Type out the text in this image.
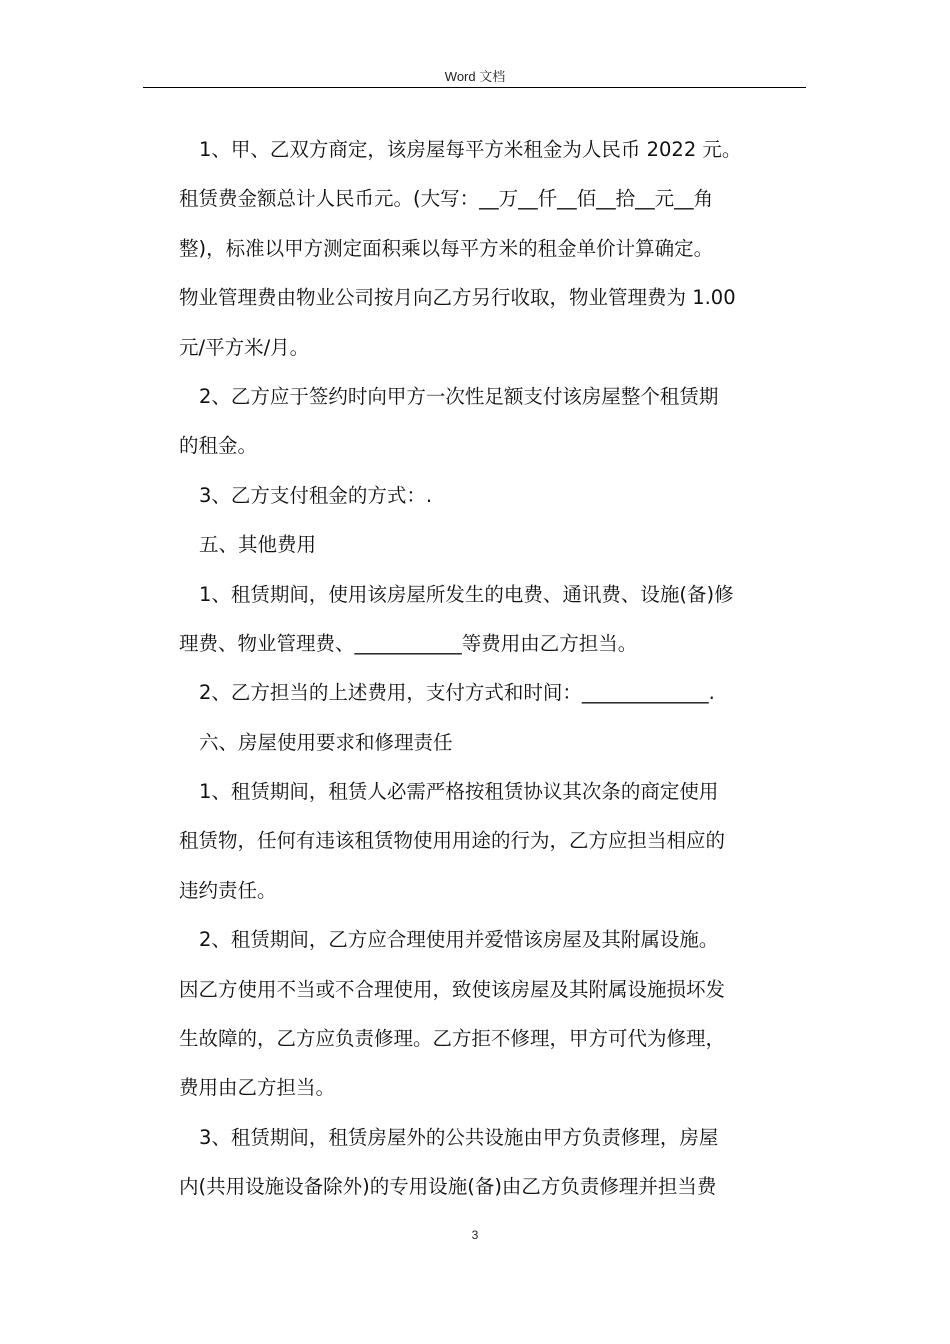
Word 文档
1、甲、乙双方商定，该房屋每平方米租金为人民币 2022 元。
租赁费金额总计人民币元。(大写：__万__仟__佰__拾__元__角
整)，标准以甲方测定面积乘以每平方米的租金单价计算确定。
物业管理费由物业公司按月向乙方另行收取，物业管理费为 1.00
元/平方米/月。
2、乙方应于签约时向甲方一次性足额支付该房屋整个租赁期
的租金。
3、乙方支付租金的方式：.
五、其他费用
1、租赁期间，使用该房屋所发生的电费、通讯费、设施(备)修
理费、物业管理费、___________等费用由乙方担当。
2、乙方担当的上述费用，支付方式和时间：_____________.
六、房屋使用要求和修理责任
1、租赁期间，租赁人必需严格按租赁协议其次条的商定使用
租赁物，任何有违该租赁物使用用途的行为，乙方应担当相应的
违约责任。
2、租赁期间，乙方应合理使用并爱惜该房屋及其附属设施。
因乙方使用不当或不合理使用，致使该房屋及其附属设施损坏发
生故障的，乙方应负责修理。乙方拒不修理，甲方可代为修理，
费用由乙方担当。
3、租赁期间，租赁房屋外的公共设施由甲方负责修理，房屋
内(共用设施设备除外)的专用设施(备)由乙方负责修理并担当费
3
